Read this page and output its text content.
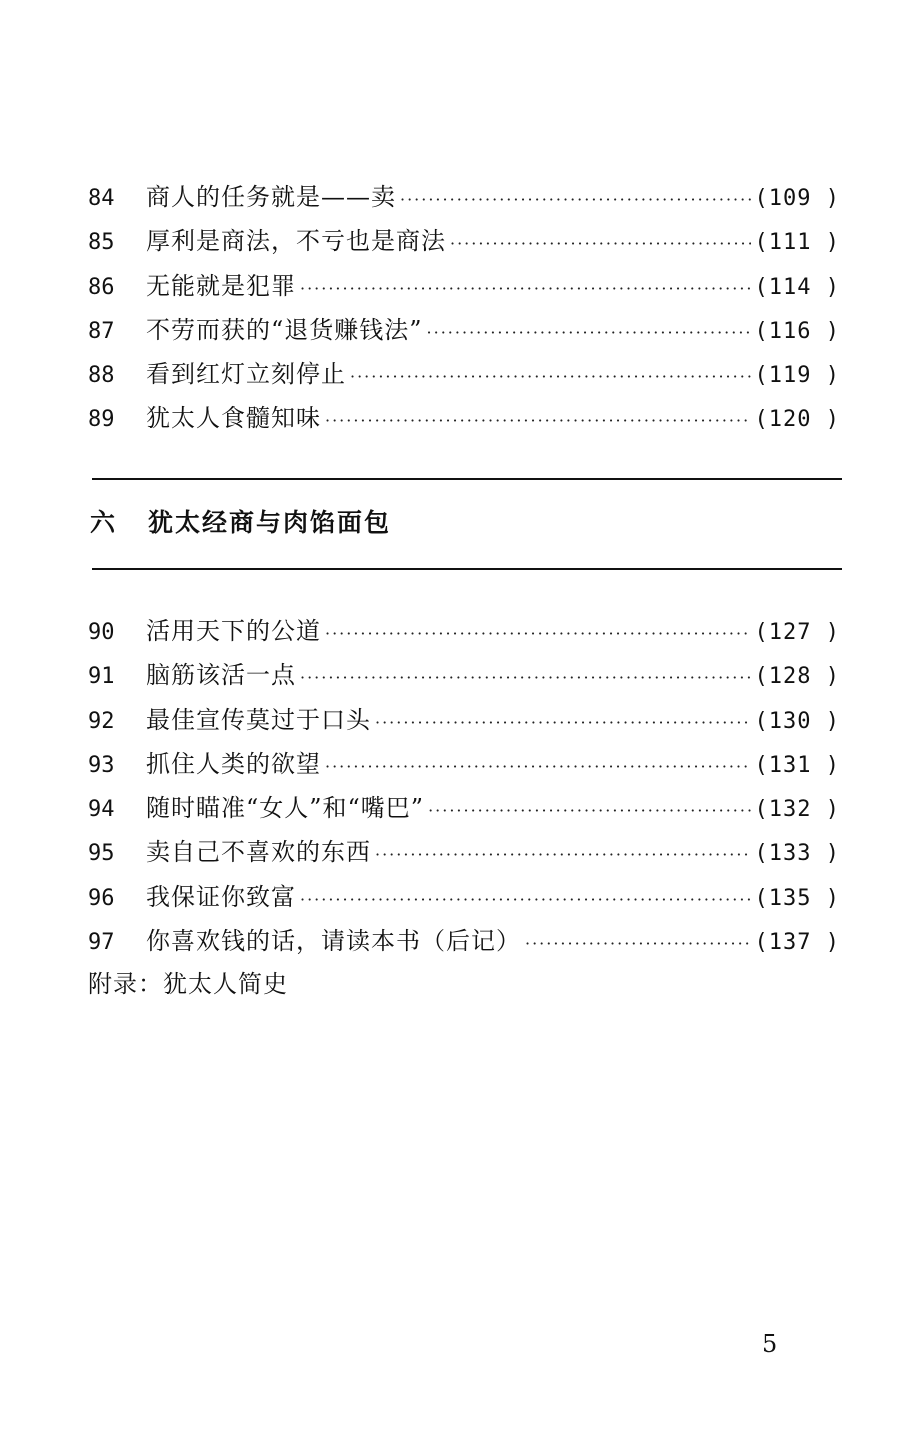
84	商人的任务就是——卖 ·····	(109 )
85	厚利是商法，不亏也是商法 ·····	(111 )
86	无能就是犯罪 ·····	(114 )
87	不劳而获的“退货赚钱法” ·····	(116 )
88	看到红灯立刻停止 ·····	(119 )
89	犹太人食髓知味 ·····	(120 )
六 犹太经商与肉馅面包
90	活用天下的公道 ·····	(127 )
91	脑筋该活一点 ·····	(128 )
92	最佳宣传莫过于口头 ·····	(130 )
93	抓住人类的欲望 ·····	(131 )
94	随时瞄准“女人”和“嘴巴” ·····	(132 )
95	卖自己不喜欢的东西 ·····	(133 )
96	我保证你致富 ·····	(135 )
97	你喜欢钱的话，请读本书（后记） ·····	(137 )
附录：犹太人简史
5
